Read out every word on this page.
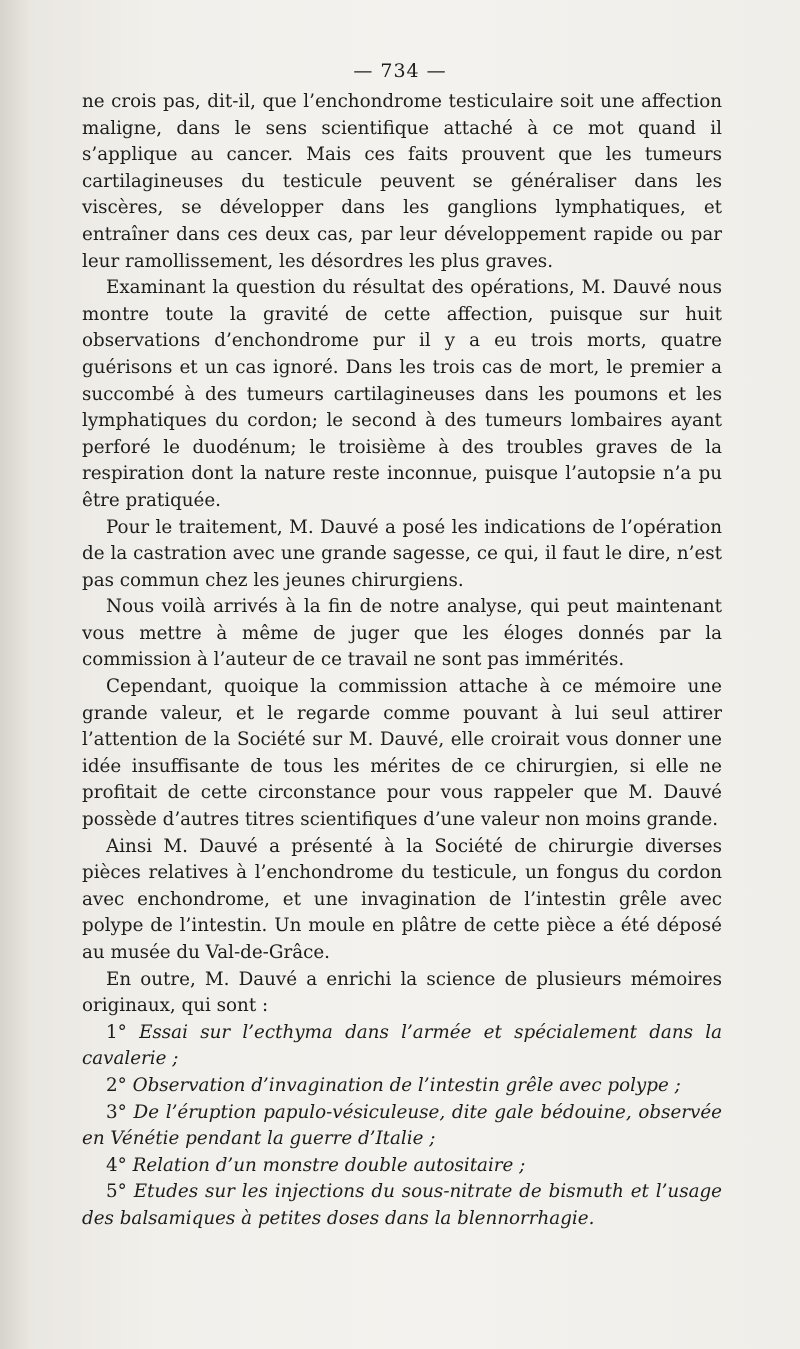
— 734 —

ne crois pas, dit-il, que l’enchondrome testiculaire soit une affection maligne, dans le sens scientifique attaché à ce mot quand il s’applique au cancer. Mais ces faits prouvent que les tumeurs cartilagineuses du testicule peuvent se généraliser dans les viscères, se développer dans les ganglions lymphatiques, et entraîner dans ces deux cas, par leur développement rapide ou par leur ramollissement, les désordres les plus graves.

Examinant la question du résultat des opérations, M. Dauvé nous montre toute la gravité de cette affection, puisque sur huit observations d’enchondrome pur il y a eu trois morts, quatre guérisons et un cas ignoré. Dans les trois cas de mort, le premier a succombé à des tumeurs cartilagineuses dans les poumons et les lymphatiques du cordon; le second à des tumeurs lombaires ayant perforé le duodénum; le troisième à des troubles graves de la respiration dont la nature reste inconnue, puisque l’autopsie n’a pu être pratiquée.

Pour le traitement, M. Dauvé a posé les indications de l’opération de la castration avec une grande sagesse, ce qui, il faut le dire, n’est pas commun chez les jeunes chirurgiens.

Nous voilà arrivés à la fin de notre analyse, qui peut maintenant vous mettre à même de juger que les éloges donnés par la commission à l’auteur de ce travail ne sont pas immérités.

Cependant, quoique la commission attache à ce mémoire une grande valeur, et le regarde comme pouvant à lui seul attirer l’attention de la Société sur M. Dauvé, elle croirait vous donner une idée insuffisante de tous les mérites de ce chirurgien, si elle ne profitait de cette circonstance pour vous rappeler que M. Dauvé possède d’autres titres scientifiques d’une valeur non moins grande.

Ainsi M. Dauvé a présenté à la Société de chirurgie diverses pièces relatives à l’enchondrome du testicule, un fongus du cordon avec enchondrome, et une invagination de l’intestin grêle avec polype de l’intestin. Un moule en plâtre de cette pièce a été déposé au musée du Val-de-Grâce.

En outre, M. Dauvé a enrichi la science de plusieurs mémoires originaux, qui sont :

1° Essai sur l’ecthyma dans l’armée et spécialement dans la cavalerie ;

2° Observation d’invagination de l’intestin grêle avec polype ;

3° De l’éruption papulo-vésiculeuse, dite gale bédouine, observée en Vénétie pendant la guerre d’Italie ;

4° Relation d’un monstre double autositaire ;

5° Etudes sur les injections du sous-nitrate de bismuth et l’usage des balsamiques à petites doses dans la blennorrhagie.
